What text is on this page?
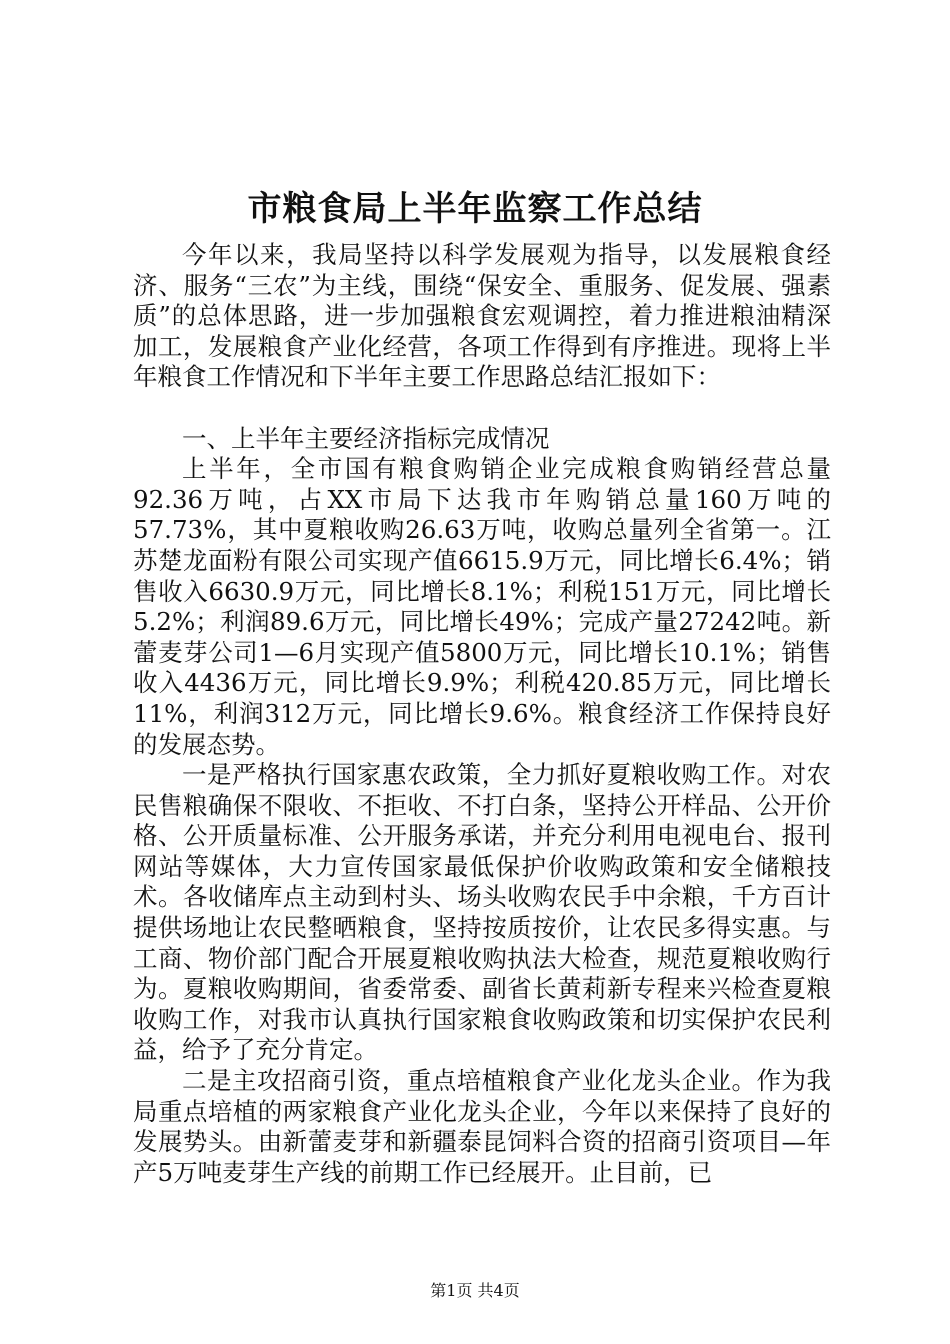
市粮食局上半年监察工作总结

今年以来，我局坚持以科学发展观为指导，以发展粮食经济、服务“三农”为主线，围绕“保安全、重服务、促发展、强素质”的总体思路，进一步加强粮食宏观调控，着力推进粮油精深加工，发展粮食产业化经营，各项工作得到有序推进。现将上半年粮食工作情况和下半年主要工作思路总结汇报如下：

一、上半年主要经济指标完成情况

上半年，全市国有粮食购销企业完成粮食购销经营总量92.36万吨，占XX市局下达我市年购销总量160万吨的57.73%，其中夏粮收购26.63万吨，收购总量列全省第一。江苏楚龙面粉有限公司实现产值6615.9万元，同比增长6.4%；销售收入6630.9万元，同比增长8.1%；利税151万元，同比增长5.2%；利润89.6万元，同比增长49%；完成产量27242吨。新蕾麦芽公司1—6月实现产值5800万元，同比增长10.1%；销售收入4436万元，同比增长9.9%；利税420.85万元，同比增长11%，利润312万元，同比增长9.6%。粮食经济工作保持良好的发展态势。

一是严格执行国家惠农政策，全力抓好夏粮收购工作。对农民售粮确保不限收、不拒收、不打白条，坚持公开样品、公开价格、公开质量标准、公开服务承诺，并充分利用电视电台、报刊网站等媒体，大力宣传国家最低保护价收购政策和安全储粮技术。各收储库点主动到村头、场头收购农民手中余粮，千方百计提供场地让农民整晒粮食，坚持按质按价，让农民多得实惠。与工商、物价部门配合开展夏粮收购执法大检查，规范夏粮收购行为。夏粮收购期间，省委常委、副省长黄莉新专程来兴检查夏粮收购工作，对我市认真执行国家粮食收购政策和切实保护农民利益，给予了充分肯定。

二是主攻招商引资，重点培植粮食产业化龙头企业。作为我局重点培植的两家粮食产业化龙头企业，今年以来保持了良好的发展势头。由新蕾麦芽和新疆泰昆饲料合资的招商引资项目—年产5万吨麦芽生产线的前期工作已经展开。止目前，已

第1页 共4页
